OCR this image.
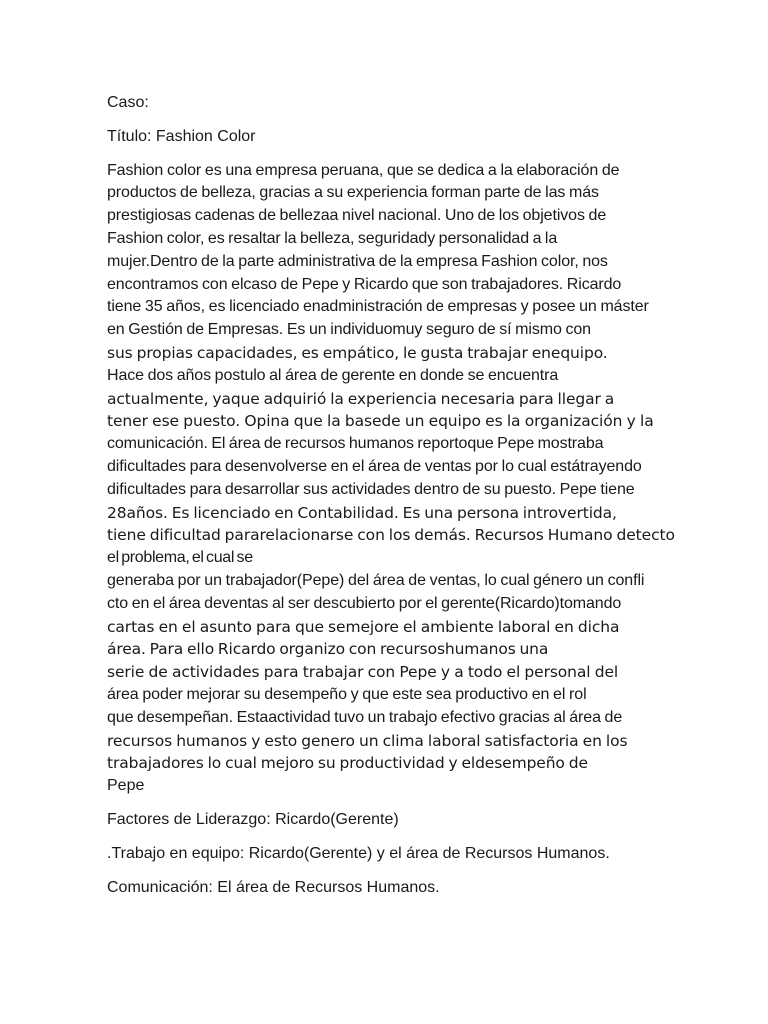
Caso:

Título: Fashion Color

Fashion color es una empresa peruana, que se dedica a la elaboración de
productos de belleza, gracias a su experiencia forman parte de las más
prestigiosas cadenas de bellezaa nivel nacional. Uno de los objetivos de
Fashion color, es resaltar la belleza, seguridady personalidad a la
mujer.Dentro de la parte administrativa de la empresa Fashion color, nos
encontramos con elcaso de Pepe y Ricardo que son trabajadores. Ricardo
tiene 35 años, es licenciado enadministración de empresas y posee un máster
en Gestión de Empresas. Es un individuomuy seguro de sí mismo con
sus propias capacidades, es empático, le gusta trabajar enequipo.
Hace dos años postulo al área de gerente en donde se encuentra
actualmente, yaque adquirió la experiencia necesaria para llegar a
tener ese puesto. Opina que la basede un equipo es la organización y la
comunicación. El área de recursos humanos reportoque Pepe mostraba
dificultades para desenvolverse en el área de ventas por lo cual estátrayendo
dificultades para desarrollar sus actividades dentro de su puesto. Pepe tiene
28años. Es licenciado en Contabilidad. Es una persona introvertida,
tiene dificultad pararelacionarse con los demás. Recursos Humano detecto
el problema, el cual se
generaba por un trabajador(Pepe) del área de ventas, lo cual género un confli
cto en el área deventas al ser descubierto por el gerente(Ricardo)tomando
cartas en el asunto para que semejore el ambiente laboral en dicha
área. Para ello Ricardo organizo con recursoshumanos una
serie de actividades para trabajar con Pepe y a todo el personal del
área poder mejorar su desempeño y que este sea productivo en el rol
que desempeñan. Estaactividad tuvo un trabajo efectivo gracias al área de
recursos humanos y esto genero un clima laboral satisfactoria en los
trabajadores lo cual mejoro su productividad y eldesempeño de
Pepe

Factores de Liderazgo: Ricardo(Gerente)

.Trabajo en equipo: Ricardo(Gerente) y el área de Recursos Humanos.

Comunicación: El área de Recursos Humanos.
